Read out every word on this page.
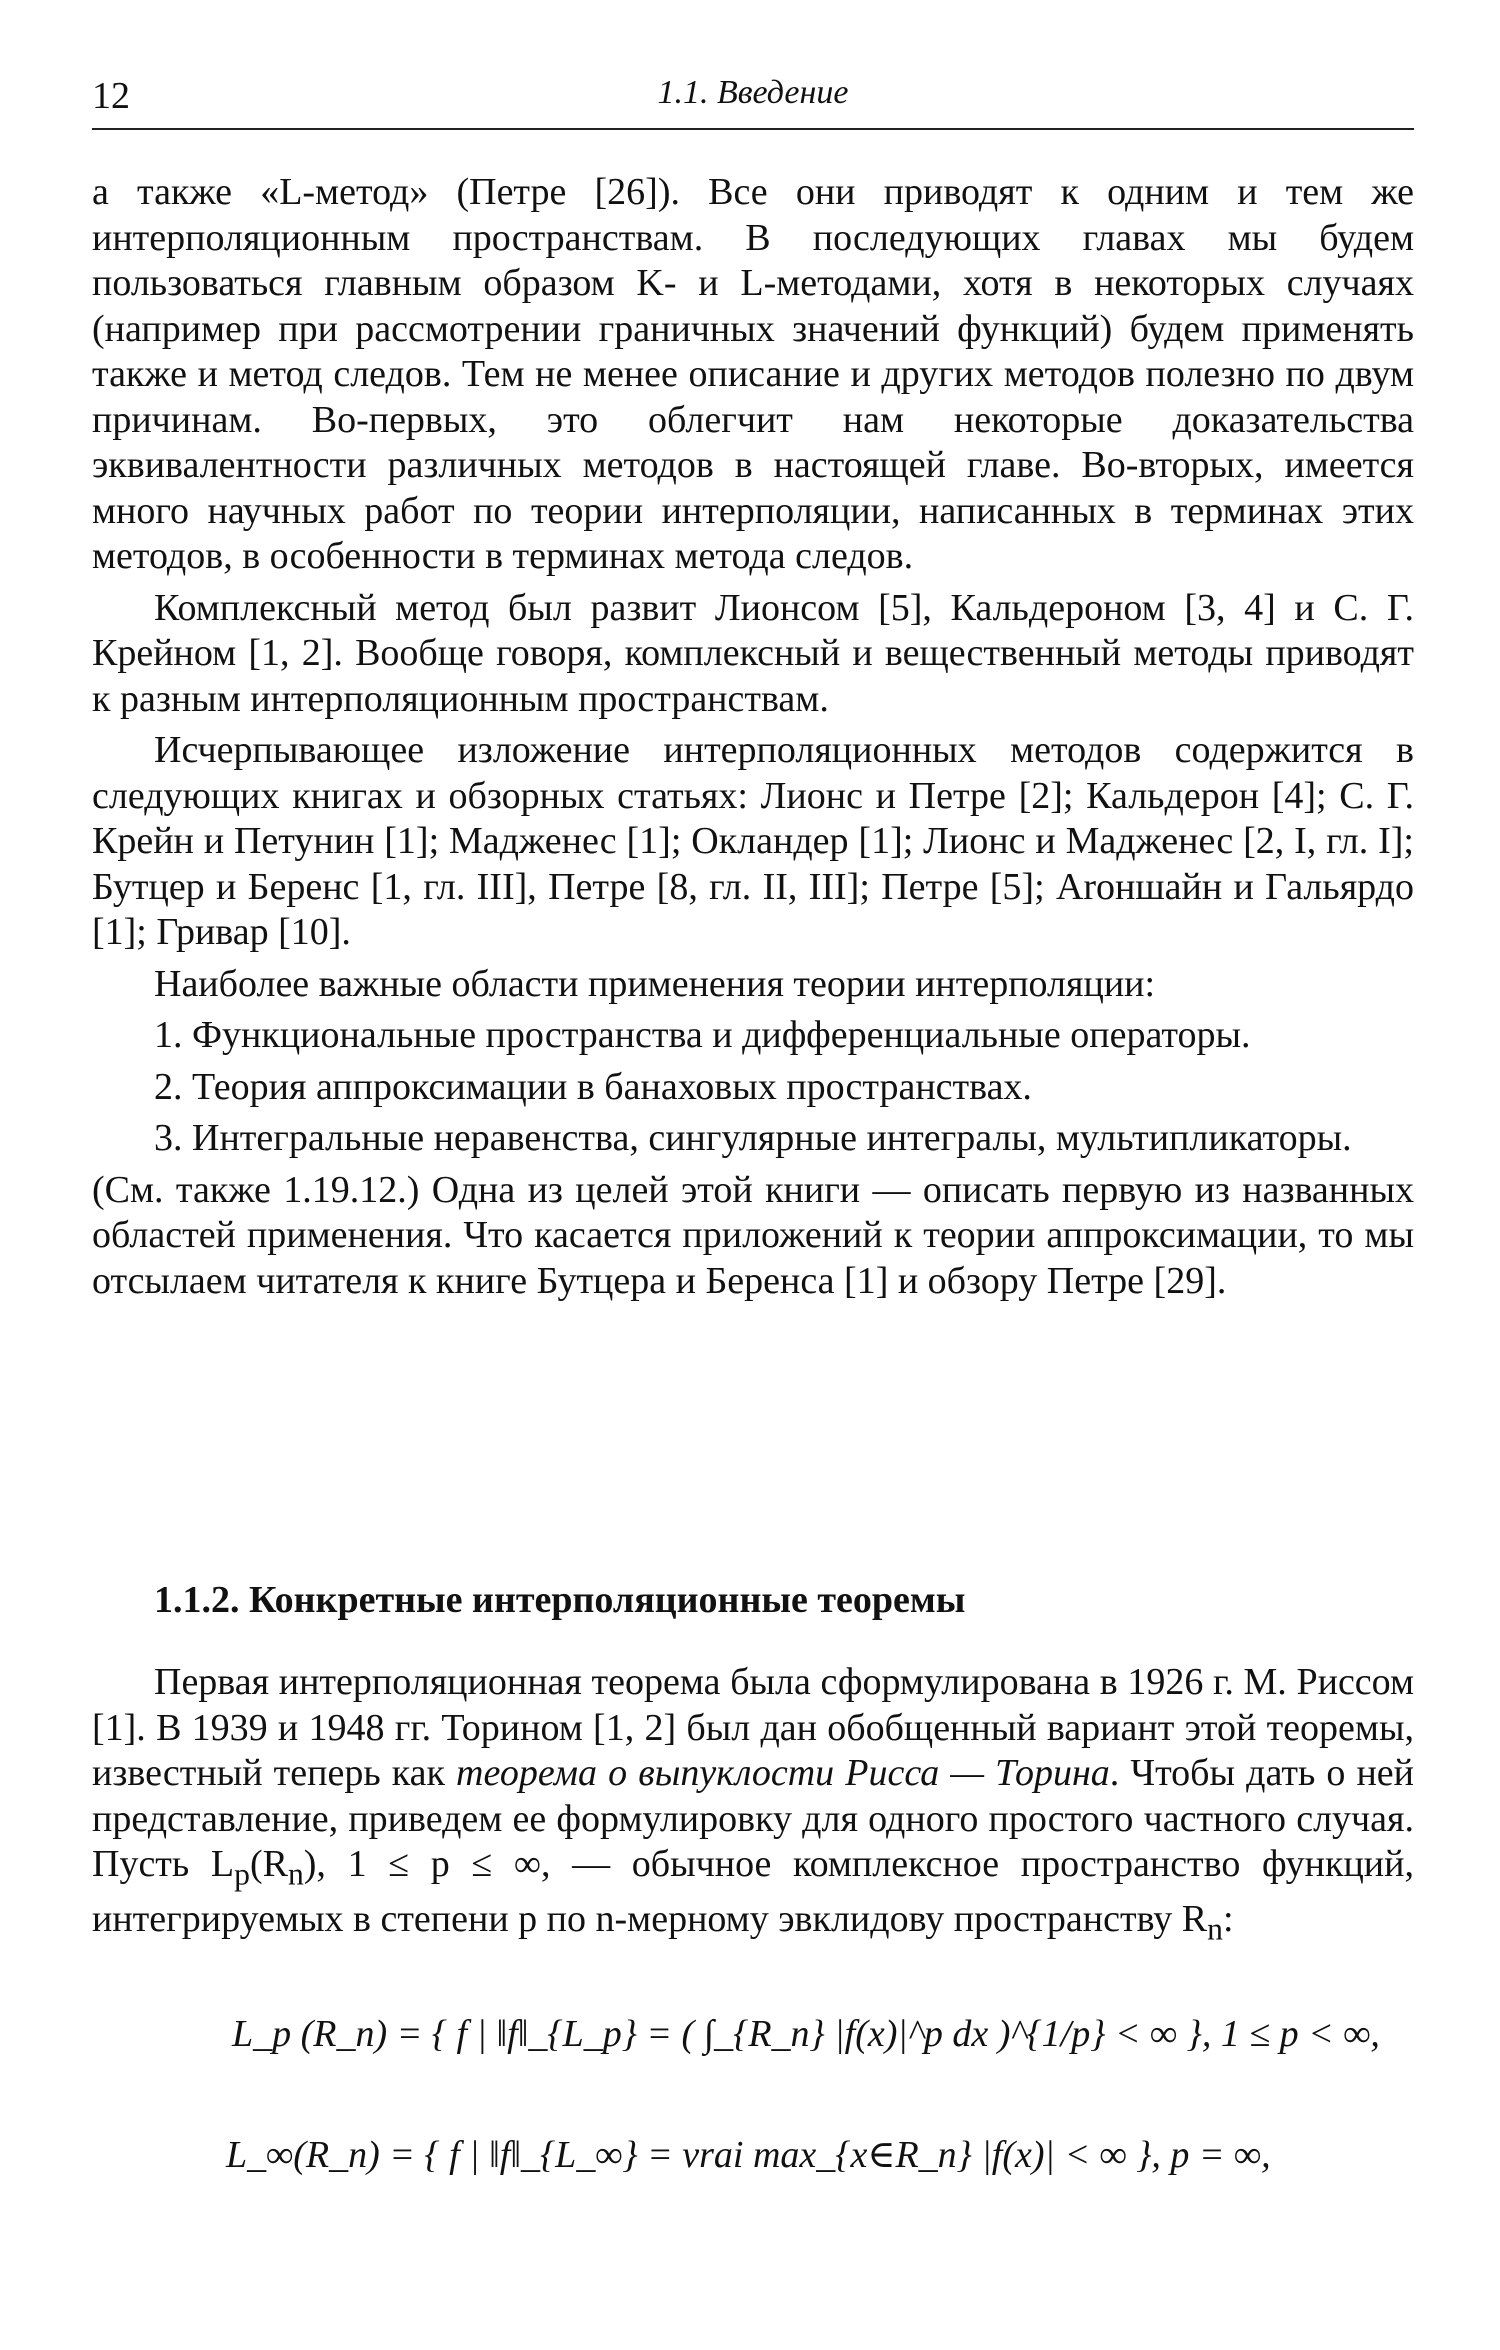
12	1.1. Введение

а также «L-метод» (Петре [26]). Все они приводят к одним и тем же интерполяционным пространствам. В последующих главах мы будем пользоваться главным образом K- и L-методами, хотя в некоторых случаях (например при рассмотрении граничных значений функций) будем применять также и метод следов. Тем не менее описание и других методов полезно по двум причинам. Во-первых, это облегчит нам некоторые доказательства эквивалентности различных методов в настоящей главе. Во-вторых, имеется много научных работ по теории интерполяции, написанных в терминах этих методов, в особенности в терминах метода следов.

Комплексный метод был развит Лионсом [5], Кальдероном [3, 4] и С. Г. Крейном [1, 2]. Вообще говоря, комплексный и вещественный методы приводят к разным интерполяционным пространствам.

Исчерпывающее изложение интерполяционных методов содержится в следующих книгах и обзорных статьях: Лионс и Петре [2]; Кальдерон [4]; С. Г. Крейн и Петунин [1]; Мадженес [1]; Окландер [1]; Лионс и Мадженес [2, I, гл. I]; Бутцер и Беренс [1, гл. III], Петре [8, гл. II, III]; Петре [5]; Аroншайн и Гальярдо [1]; Гривар [10].

Наиболее важные области применения теории интерполяции:

1. Функциональные пространства и дифференциальные операторы.

2. Теория аппроксимации в банаховых пространствах.

3. Интегральные неравенства, сингулярные интегралы, мультипликаторы.

(См. также 1.19.12.) Одна из целей этой книги — описать первую из названных областей применения. Что касается приложений к теории аппроксимации, то мы отсылаем читателя к книге Бутцера и Беренса [1] и обзору Петре [29].

1.1.2. Конкретные интерполяционные теоремы

Первая интерполяционная теорема была сформулирована в 1926 г. М. Риссом [1]. В 1939 и 1948 гг. Торином [1, 2] был дан обобщенный вариант этой теоремы, известный теперь как теорема о выпуклости Рисса — Торина. Чтобы дать о ней представление, приведем ее формулировку для одного простого частного случая. Пусть $L_p(R_n)$, 1 ≤ p ≤ ∞, — обычное комплексное пространство функций, интегрируемых в степени p по n-мерному эвклидову пространству $R_n$:

L_p (R_n) = { f | ‖f‖_{L_p} = ( ∫_{R_n} |f(x)|^p dx )^{1/p} < ∞ }, 1 ≤ p < ∞,
L_∞(R_n) = { f | ‖f‖_{L_∞} = vrai max_{x∈R_n} |f(x)| < ∞ }, p = ∞,
